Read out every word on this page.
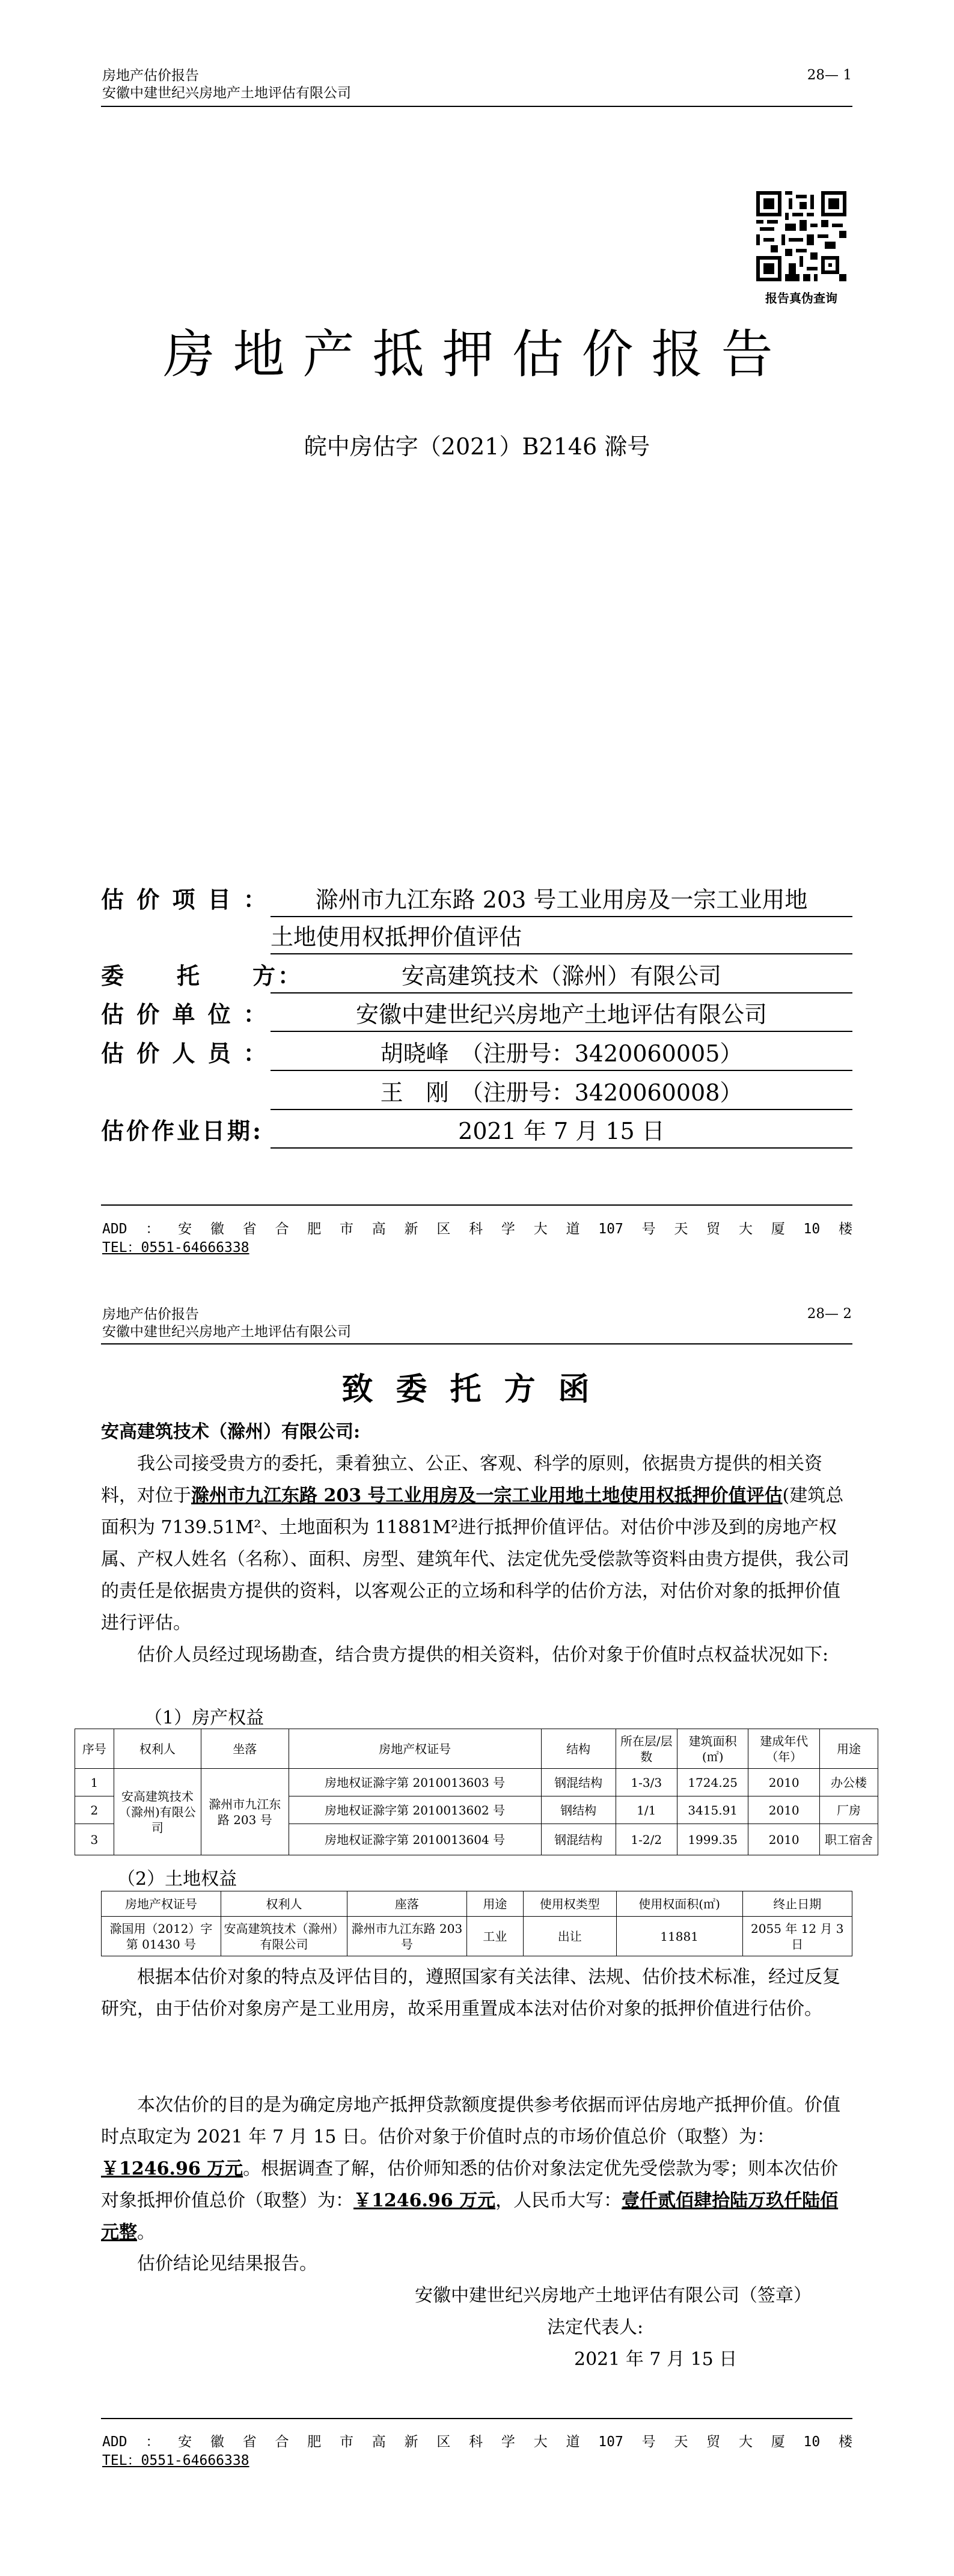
房地产估价报告
安徽中建世纪兴房地产土地评估有限公司
28— 1
报告真伪查询
房地产抵押估价报告
皖中房估字（2021）B2146 滁号
估 价 项 目 ：	滁州市九江东路 203 号工业用房及一宗工业用地
土地使用权抵押价值评估
委　　托　　方：	安高建筑技术（滁州）有限公司
估 价 单 位 ：	安徽中建世纪兴房地产土地评估有限公司
估 价 人 员 ：	胡晓峰　（注册号：3420060005）
王　刚　（注册号：3420060008）
估价作业日期:	2021 年 7 月 15 日
ADD ： 安 徽 省 合 肥 市 高 新 区 科 学 大 道 107 号 天 贸 大 厦 10 楼
TEL：0551-64666338
房地产估价报告
安徽中建世纪兴房地产土地评估有限公司
28— 2
致委托方函
安高建筑技术（滁州）有限公司:
我公司接受贵方的委托，秉着独立、公正、客观、科学的原则，依据贵方提供的相关资料，对位于滁州市九江东路 203 号工业用房及一宗工业用地土地使用权抵押价值评估(建筑总面积为 7139.51M²、土地面积为 11881M²进行抵押价值评估。对估价中涉及到的房地产权属、产权人姓名（名称）、面积、房型、建筑年代、法定优先受偿款等资料由贵方提供，我公司的责任是依据贵方提供的资料，以客观公正的立场和科学的估价方法，对估价对象的抵押价值进行评估。
估价人员经过现场勘查，结合贵方提供的相关资料，估价对象于价值时点权益状况如下:
（1）房产权益
序号	权利人	坐落	房地产权证号	结构	所在层/层数	建筑面积(㎡)	建成年代（年）	用途
1	安高建筑技术（滁州)有限公司	滁州市九江东路 203 号	房地权证滁字第 2010013603 号	钢混结构	1-3/3	1724.25	2010	办公楼
2			房地权证滁字第 2010013602 号	钢结构	1/1	3415.91	2010	厂房
3			房地权证滁字第 2010013604 号	钢混结构	1-2/2	1999.35	2010	职工宿舍
（2）土地权益
房地产权证号	权利人	座落	用途	使用权类型	使用权面积(㎡)	终止日期
滁国用（2012）字第 01430 号	安高建筑技术（滁州）有限公司	滁州市九江东路 203 号	工业	出让	11881	2055 年 12 月 3 日
根据本估价对象的特点及评估目的，遵照国家有关法律、法规、估价技术标准，经过反复研究，由于估价对象房产是工业用房，故采用重置成本法对估价对象的抵押价值进行估价。
本次估价的目的是为确定房地产抵押贷款额度提供参考依据而评估房地产抵押价值。价值时点取定为 2021 年 7 月 15 日。估价对象于价值时点的市场价值总价（取整）为：￥1246.96 万元。根据调查了解，估价师知悉的估价对象法定优先受偿款为零；则本次估价对象抵押价值总价（取整）为：￥1246.96 万元，人民币大写：壹仟贰佰肆拾陆万玖仟陆佰元整。
估价结论见结果报告。
安徽中建世纪兴房地产土地评估有限公司（签章）
法定代表人:
2021 年 7 月 15 日
ADD ： 安 徽 省 合 肥 市 高 新 区 科 学 大 道 107 号 天 贸 大 厦 10 楼
TEL：0551-64666338
